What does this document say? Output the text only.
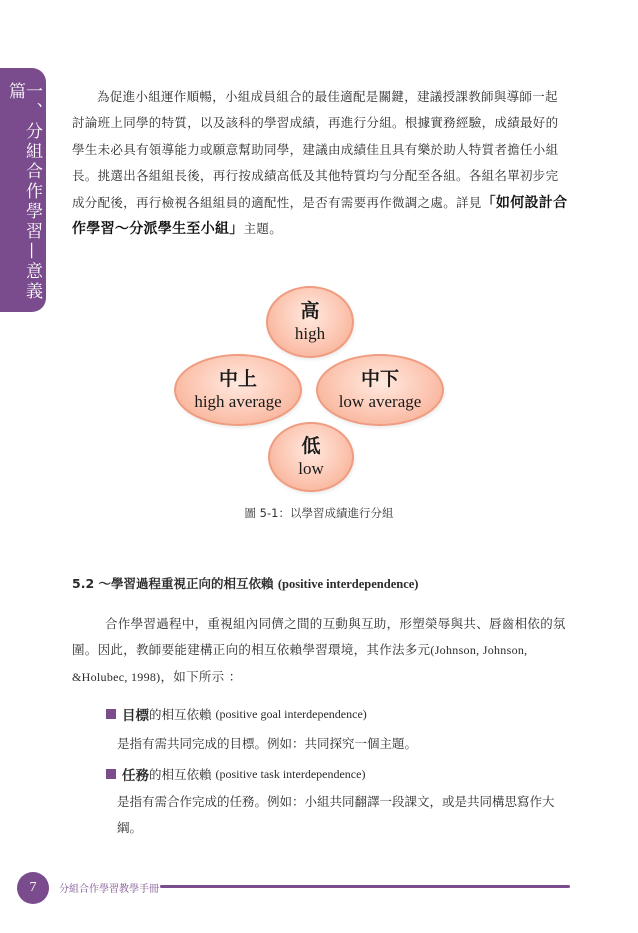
一、分組合作學習—意義篇	為促進小組運作順暢，小組成員組合的最佳適配是關鍵，建議授課教師與導師一起討論班上同學的特質，以及該科的學習成績，再進行分組。根據實務經驗，成績最好的學生未必具有領導能力或願意幫助同學，建議由成績佳且具有樂於助人特質者擔任小組長。挑選出各組組長後，再行按成績高低及其他特質均勻分配至各組。各組名單初步完成分配後，再行檢視各組組員的適配性，是否有需要再作微調之處。詳見「如何設計合作學習～分派學生至小組」主題。

高
high
中上
high average
中下
low average
低
low

圖 5-1：以學習成績進行分組

5.2 ～學習過程重視正向的相互依賴 (positive interdependence)

合作學習過程中，重視組內同儕之間的互動與互助，形塑榮辱與共、唇齒相依的氛圍。因此，教師要能建構正向的相互依賴學習環境，其作法多元(Johnson, Johnson, &Holubec, 1998)，如下所示 ：

目標 的相互依賴
(positive goal interdependence)

是指有需共同完成的目標。例如：共同探究一個主題。

任務 的相互依賴
(positive task interdependence)

是指有需合作完成的任務。例如：小組共同翻譯一段課文，或是共同構思寫作大綱。

7 分組合作學習教學手冊
